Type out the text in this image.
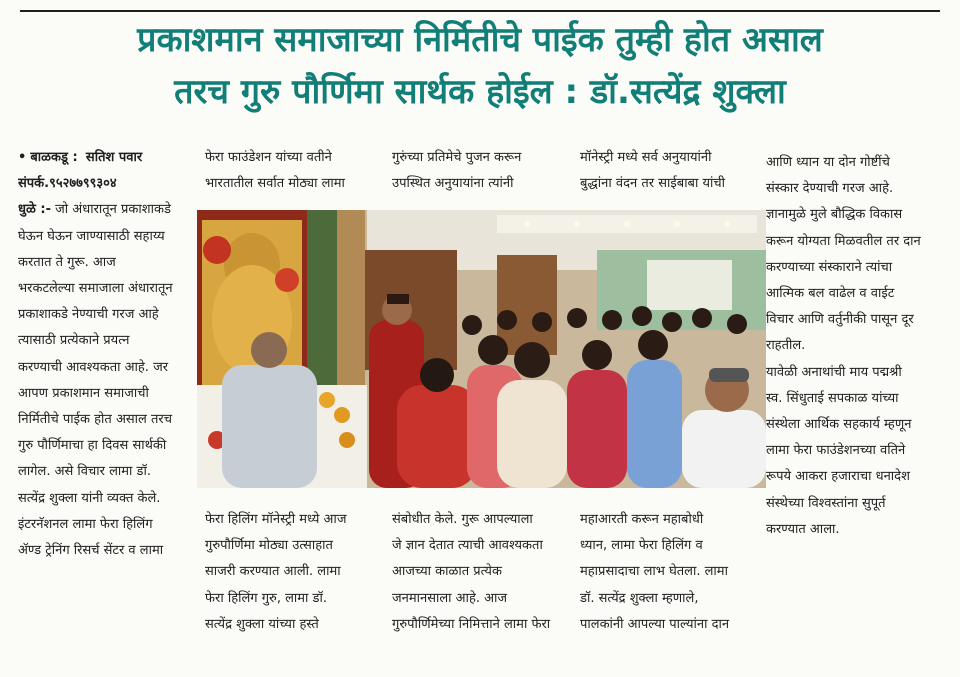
प्रकाशमान समाजाच्या निर्मितीचे पाईक तुम्ही होत असाल
तरच गुरु पौर्णिमा सार्थक होईल : डॉ.सत्येंद्र शुक्ला

• बाळकडू : सतिश पवार

संपर्क.९५२७७९९३०४

धुळे :- जो अंधारातून प्रकाशाकडे

घेऊन घेऊन जाण्यासाठी सहाय्य

करतात ते गुरू. आज

भरकटलेल्या समाजाला अंधारातून

प्रकाशाकडे नेण्याची गरज आहे

त्यासाठी प्रत्येकाने प्रयत्न

करण्याची आवश्यकता आहे. जर

आपण प्रकाशमान समाजाची

निर्मितीचे पाईक होत असाल तरच

गुरु पौर्णिमाचा हा दिवस सार्थकी

लागेल. असे विचार लामा डॉ.

सत्येंद्र शुक्ला यांनी व्यक्त केले.

इंटरनॅशनल लामा फेरा हिलिंग

ॲण्ड ट्रेनिंग रिसर्च सेंटर व लामा

फेरा फाउंडेशन यांच्या वतीने

भारतातील सर्वात मोठ्या लामा

गुरुंच्या प्रतिमेचे पुजन करून

उपस्थित अनुयायांना त्यांनी

मॉनेस्ट्री मध्ये सर्व अनुयायांनी

बुद्धांना वंदन तर साईबाबा यांची

फेरा हिलिंग मॉनेस्ट्री मध्ये आज

गुरुपौर्णिमा मोठ्या उत्साहात

साजरी करण्यात आली. लामा

फेरा हिलिंग गुरु, लामा डॉ.

सत्येंद्र शुक्ला यांच्या हस्ते

संबोधीत केले. गुरू आपल्याला

जे ज्ञान देतात त्याची आवश्यकता

आजच्या काळात प्रत्येक

जनमानसाला आहे. आज

गुरुपौर्णिमेच्या निमित्ताने लामा फेरा

महाआरती करून महाबोधी

ध्यान, लामा फेरा हिलिंग व

महाप्रसादाचा लाभ घेतला. लामा

डॉ. सत्येंद्र शुक्ला म्हणाले,

पालकांनी आपल्या पाल्यांना दान

आणि ध्यान या दोन गोष्टींचे

संस्कार देण्याची गरज आहे.

ज्ञानामुळे मुले बौद्धिक विकास

करून योग्यता मिळवतील तर दान

करण्याच्या संस्काराने त्यांचा

आत्मिक बल वाढेल व वाईट

विचार आणि वर्तुनीकी पासून दूर

राहतील.

यावेळी अनाथांची माय पद्मश्री

स्व. सिंधुताई सपकाळ यांच्या

संस्थेला आर्थिक सहकार्य म्हणून

लामा फेरा फाउंडेशनच्या वतिने

रूपये आकरा हजाराचा धनादेश

संस्थेच्या विश्वस्तांना सुपूर्त

करण्यात आला.
